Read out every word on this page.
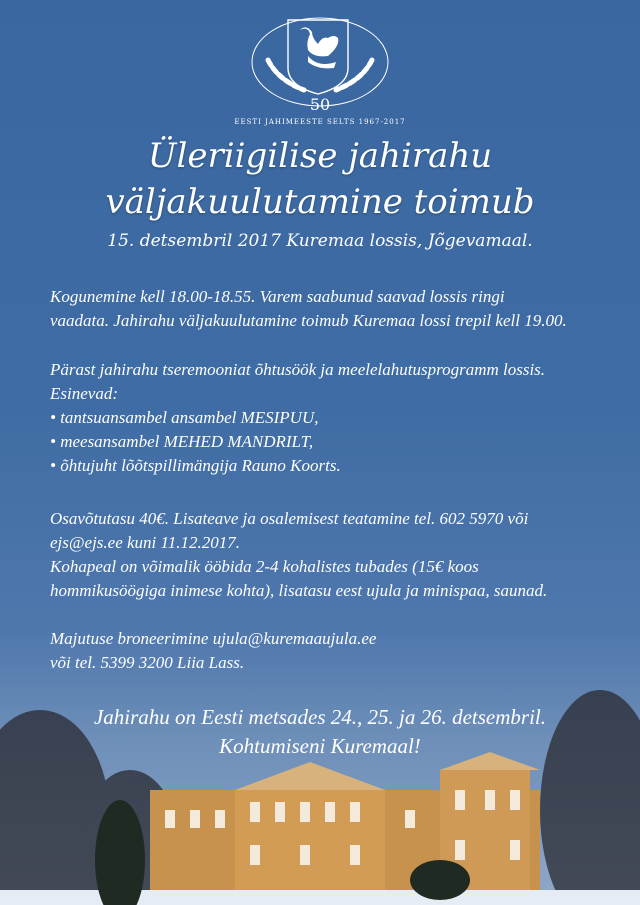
50
EESTI JAHIMEESTE SELTS 1967-2017
Üleriigilise jahirahu
väljakuulutamine toimub
15. detsembril 2017 Kuremaa lossis, Jõgevamaal.
Kogunemine kell 18.00-18.55. Varem saabunud saavad lossis ringi
vaadata. Jahirahu väljakuulutamine toimub Kuremaa lossi trepil kell 19.00.
Pärast jahirahu tseremooniat õhtusöök ja meelelahutusprogramm lossis.
Esinevad:
• tantsuansambel ansambel MESIPUU,
• meesansambel MEHED MANDRILT,
• õhtujuht lõõtspillimängija Rauno Koorts.
Osavõtutasu 40€. Lisateave ja osalemisest teatamine tel. 602 5970 või
ejs@ejs.ee kuni 11.12.2017.
Kohapeal on võimalik ööbida 2-4 kohalistes tubades (15€ koos
hommikusöögiga inimese kohta), lisatasu eest ujula ja minispaa, saunad.
Majutuse broneerimine ujula@kuremaaujula.ee
või tel. 5399 3200 Liia Lass.
Jahirahu on Eesti metsades 24., 25. ja 26. detsembril.
Kohtumiseni Kuremaal!
